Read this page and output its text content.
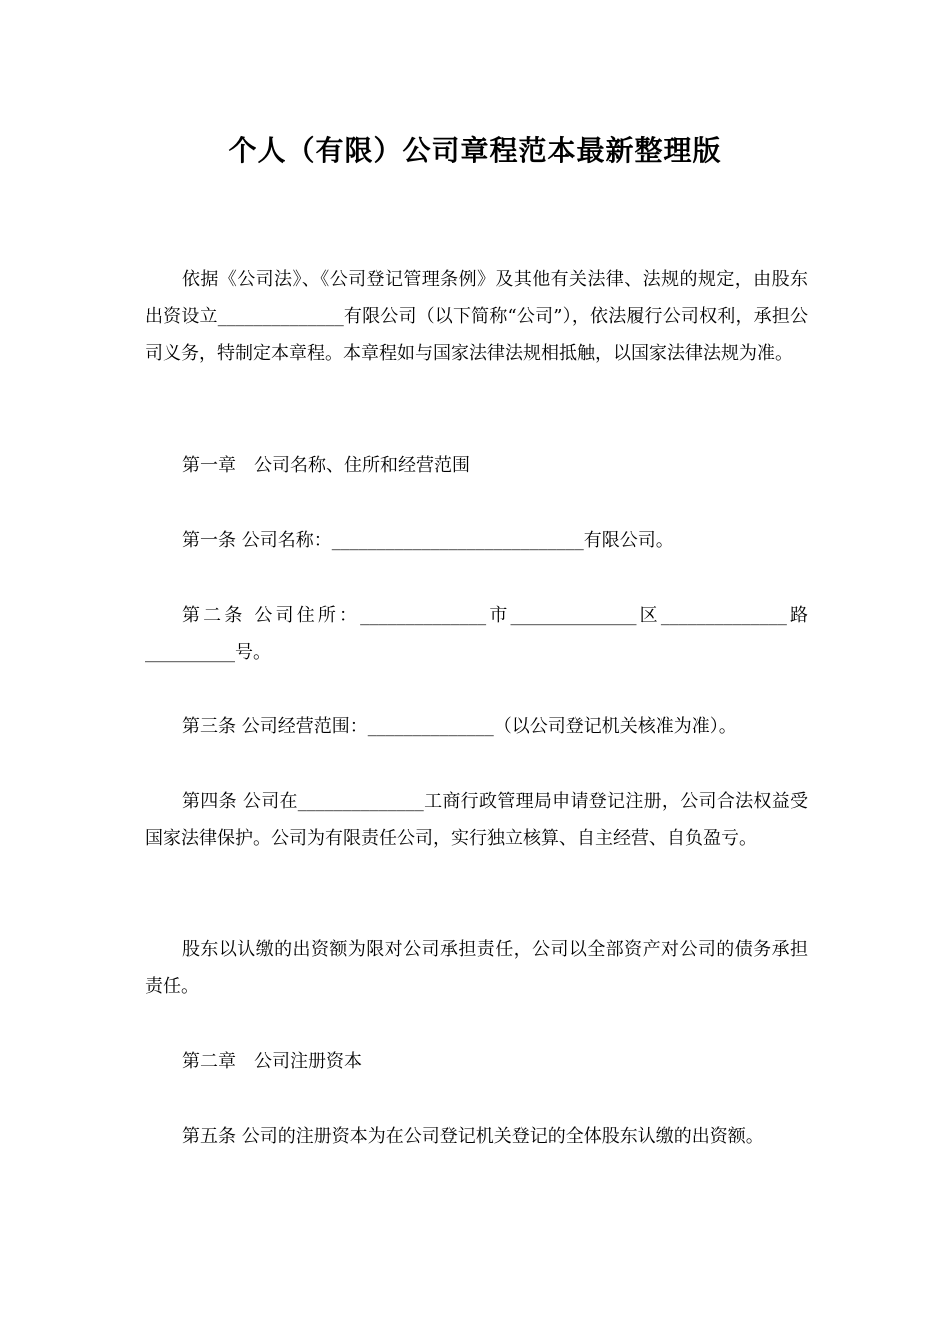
个人（有限）公司章程范本最新整理版

依据《公司法》、《公司登记管理条例》及其他有关法律、法规的规定，由股东出资设立______________有限公司（以下简称“公司”），依法履行公司权利，承担公司义务，特制定本章程。本章程如与国家法律法规相抵触，以国家法律法规为准。

第一章 公司名称、住所和经营范围

第一条 公司名称：____________________________有限公司。

第二条 公司住所：______________市______________区______________路__________号。

第三条 公司经营范围：______________（以公司登记机关核准为准）。

第四条 公司在______________工商行政管理局申请登记注册，公司合法权益受国家法律保护。公司为有限责任公司，实行独立核算、自主经营、自负盈亏。

股东以认缴的出资额为限对公司承担责任，公司以全部资产对公司的债务承担责任。

第二章 公司注册资本

第五条 公司的注册资本为在公司登记机关登记的全体股东认缴的出资额。
